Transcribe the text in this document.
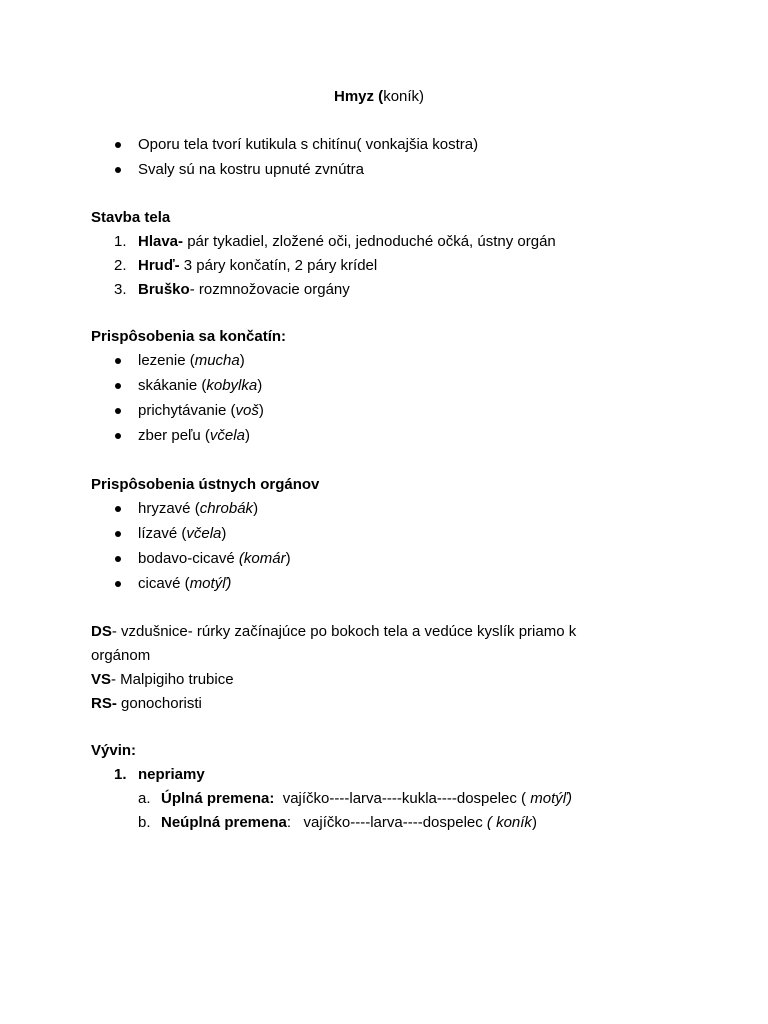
Hmyz (koník)
Oporu tela tvorí kutikula s chitínu( vonkajšia kostra)
Svaly sú na kostru upnuté zvnútra
Stavba tela
1. Hlava- pár tykadiel, zložené oči, jednoduché očká, ústny orgán
2. Hruď- 3 páry končatín, 2 páry krídel
3. Bruško- rozmnožovacie orgány
Prispôsobenia sa končatín:
lezenie (mucha)
skákanie (kobylka)
prichytávanie (voš)
zber peľu (včela)
Prispôsobenia ústnych orgánov
hryzavé (chrobák)
lízavé (včela)
bodavo-cicavé (komár)
cicavé (motýľ)
DS- vzdušnice- rúrky začínajúce po bokoch tela a vedúce kyslík priamo k
orgánom
VS- Malpigiho trubice
RS- gonochoristi
Vývin:
1. nepriamy
a. Úplná premena:  vajíčko----larva----kukla----dospelec ( motýľ)
b. Neúplná premena:   vajíčko----larva----dospelec ( koník)
